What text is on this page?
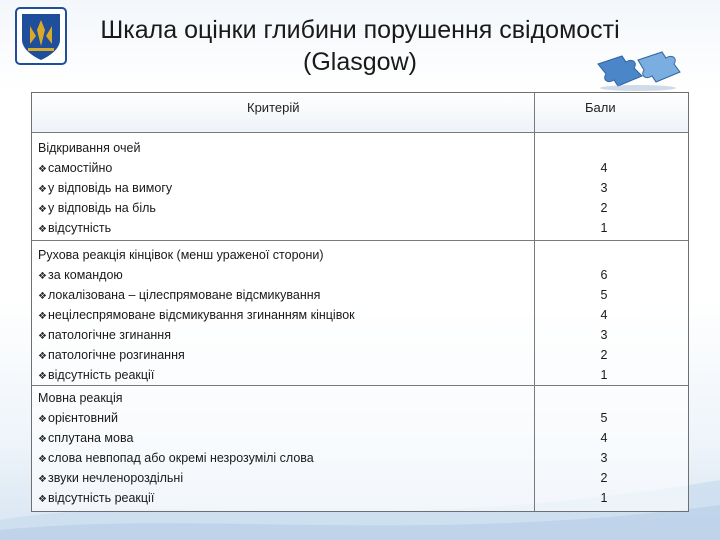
Шкала оцінки глибини порушення свідомості
(Glasgow)
Критерій	Бали
Відкривання очей
❖самостійно	4
❖у відповідь на вимогу	3
❖у відповідь на біль	2
❖відсутність	1
Рухова реакція кінцівок (менш ураженої сторони)
❖за командою	6
❖локалізована – цілеспрямоване відсмикування	5
❖нецілеспрямоване відсмикування згинанням кінцівок	4
❖патологічне згинання	3
❖патологічне розгинання	2
❖відсутність реакції	1
Мовна реакція
❖орієнтовний	5
❖сплутана мова	4
❖слова невпопад або окремі незрозумілі слова	3
❖звуки нечленороздільні	2
❖відсутність реакції	1
